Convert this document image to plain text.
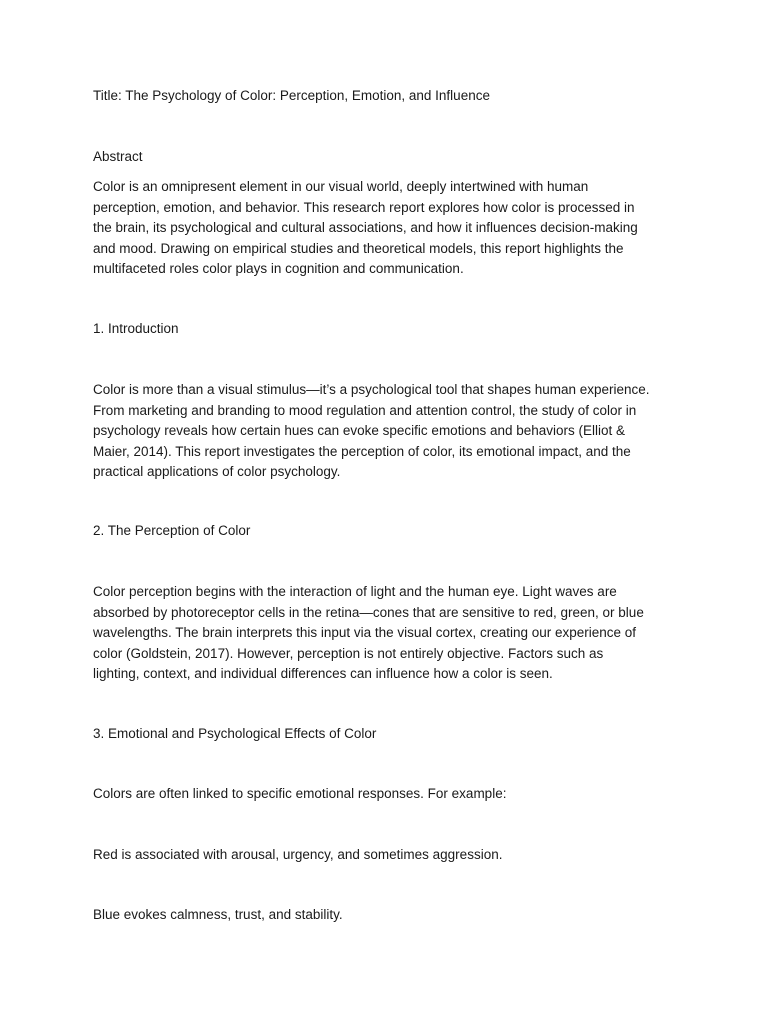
Title: The Psychology of Color: Perception, Emotion, and Influence

Abstract

Color is an omnipresent element in our visual world, deeply intertwined with human

perception, emotion, and behavior. This research report explores how color is processed in

the brain, its psychological and cultural associations, and how it influences decision-making

and mood. Drawing on empirical studies and theoretical models, this report highlights the

multifaceted roles color plays in cognition and communication.

1. Introduction

Color is more than a visual stimulus—it’s a psychological tool that shapes human experience.

From marketing and branding to mood regulation and attention control, the study of color in

psychology reveals how certain hues can evoke specific emotions and behaviors (Elliot &

Maier, 2014). This report investigates the perception of color, its emotional impact, and the

practical applications of color psychology.

2. The Perception of Color

Color perception begins with the interaction of light and the human eye. Light waves are

absorbed by photoreceptor cells in the retina—cones that are sensitive to red, green, or blue

wavelengths. The brain interprets this input via the visual cortex, creating our experience of

color (Goldstein, 2017). However, perception is not entirely objective. Factors such as

lighting, context, and individual differences can influence how a color is seen.

3. Emotional and Psychological Effects of Color

Colors are often linked to specific emotional responses. For example:

Red is associated with arousal, urgency, and sometimes aggression.

Blue evokes calmness, trust, and stability.
